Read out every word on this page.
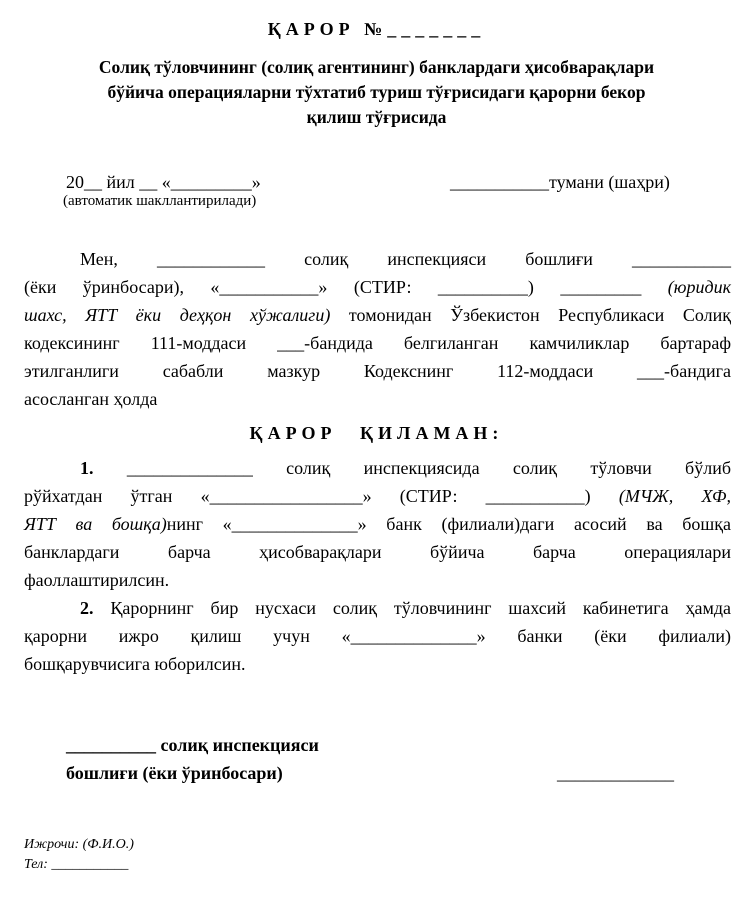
ҚАРОР №_______
Солиқ тўловчининг (солиқ агентининг) банклардаги ҳисобварақлари
бўйича операцияларни тўхтатиб туриш тўғрисидаги қарорни бекор
қилиш тўғрисида
20__ йил __ «_________»	___________тумани (шаҳри)
(автоматик шакллантирилади)
Мен, ____________ солиқ инспекцияси бошлиғи ___________
(ёки ўринбосари), «___________» (СТИР: __________) _________ (юридик
шахс, ЯТТ ёки деҳқон хўжалиги) томонидан Ўзбекистон Республикаси Солиқ
кодексининг 111-моддаси ___-бандида белгиланган камчиликлар бартараф
этилганлиги сабабли мазкур Кодекснинг 112-моддаси ___-бандига
асосланган ҳолда
ҚАРОР ҚИЛАМАН:
1. ______________ солиқ инспекциясида солиқ тўловчи бўлиб
рўйхатдан ўтган «_________________» (СТИР: ___________) (МЧЖ, ХФ,
ЯТТ ва бошқа)нинг «______________» банк (филиали)даги асосий ва бошқа
банклардаги барча ҳисобварақлари бўйича барча операциялари
фаоллаштирилсин.
2. Қарорнинг бир нусхаси солиқ тўловчининг шахсий кабинетига ҳамда
қарорни ижро қилиш учун «______________» банки (ёки филиали)
бошқарувчисига юборилсин.
__________ солиқ инспекцияси
бошлиғи (ёки ўринбосари)	_____________
Ижрочи: (Ф.И.О.)
Тел: ___________
